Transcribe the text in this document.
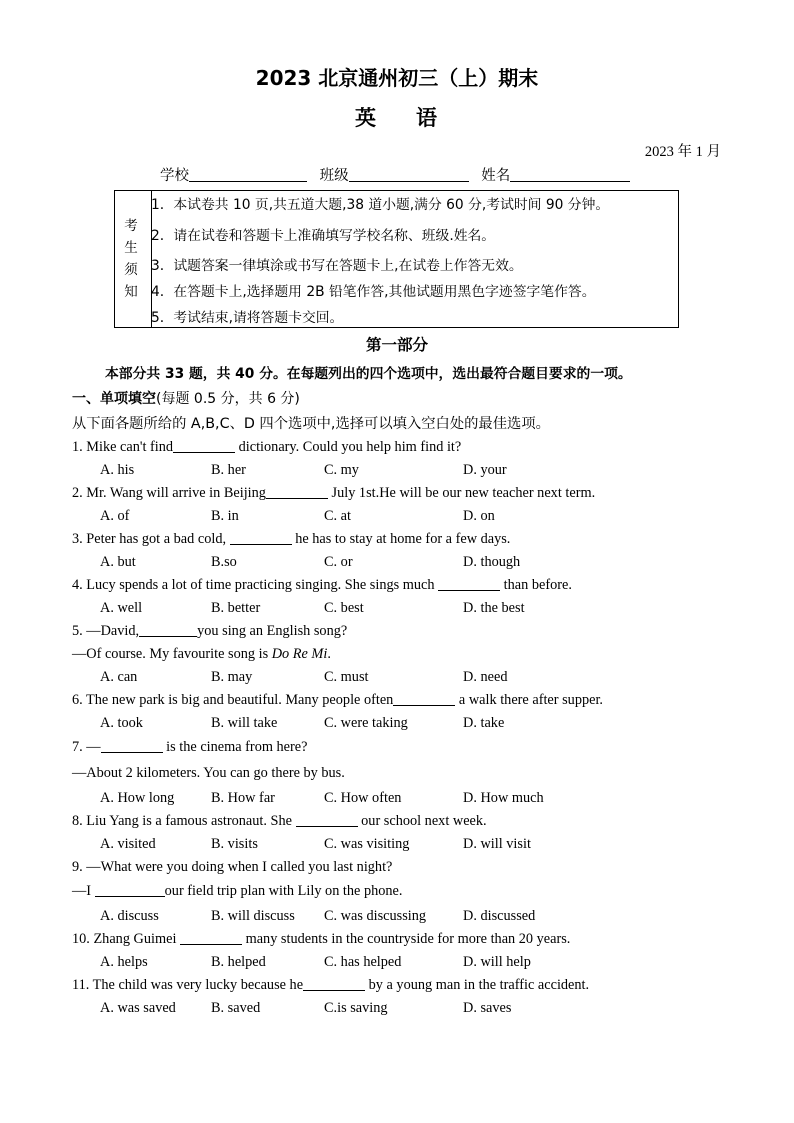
2023 北京通州初三（上）期末
英 语
2023 年 1 月
学校	班级	姓名
考生须知
1. 本试卷共 10 页,共五道大题,38 道小题,满分 60 分,考试时间 90 分钟。
2. 请在试卷和答题卡上准确填写学校名称、班级.姓名。
3. 试题答案一律填涂或书写在答题卡上,在试卷上作答无效。
4. 在答题卡上,选择题用 2B 铅笔作答,其他试题用黑色字迹签字笔作答。
5. 考试结束,请将答题卡交回。
第一部分
本部分共 33 题，共 40 分。在每题列出的四个选项中，选出最符合题目要求的一项。
一、单项填空(每题 0.5 分，共 6 分)
从下面各题所给的 A,B,C、D 四个选项中,选择可以填入空白处的最佳选项。
1. Mike can't find	dictionary. Could you help him find it?
A. his	B. her	C. my	D. your
2. Mr. Wang will arrive in Beijing	July 1st.He will be our new teacher next term.
A. of	B. in	C. at	D. on
3. Peter has got a bad cold,	he has to stay at home for a few days.
A. but	B.so	C. or	D. though
4. Lucy spends a lot of time practicing singing. She sings much	than before.
A. well	B. better	C. best	D. the best
5. —David,	you sing an English song?
—Of course. My favourite song is Do Re Mi.
A. can	B. may	C. must	D. need
6. The new park is big and beautiful. Many people often	a walk there after supper.
A. took	B. will take	C. were taking	D. take
7. —	is the cinema from here?
—About 2 kilometers. You can go there by bus.
A. How long	B. How far	C. How often	D. How much
8. Liu Yang is a famous astronaut. She	our school next week.
A. visited	B. visits	C. was visiting	D. will visit
9. —What were you doing when I called you last night?
—I	our field trip plan with Lily on the phone.
A. discuss	B. will discuss C. was discussing	D. discussed
10. Zhang Guimei	many students in the countryside for more than 20 years.
A. helps	B. helped	C. has helped	D. will help
11. The child was very lucky because he	by a young man in the traffic accident.
A. was saved B. saved	C.is saving	D. saves
